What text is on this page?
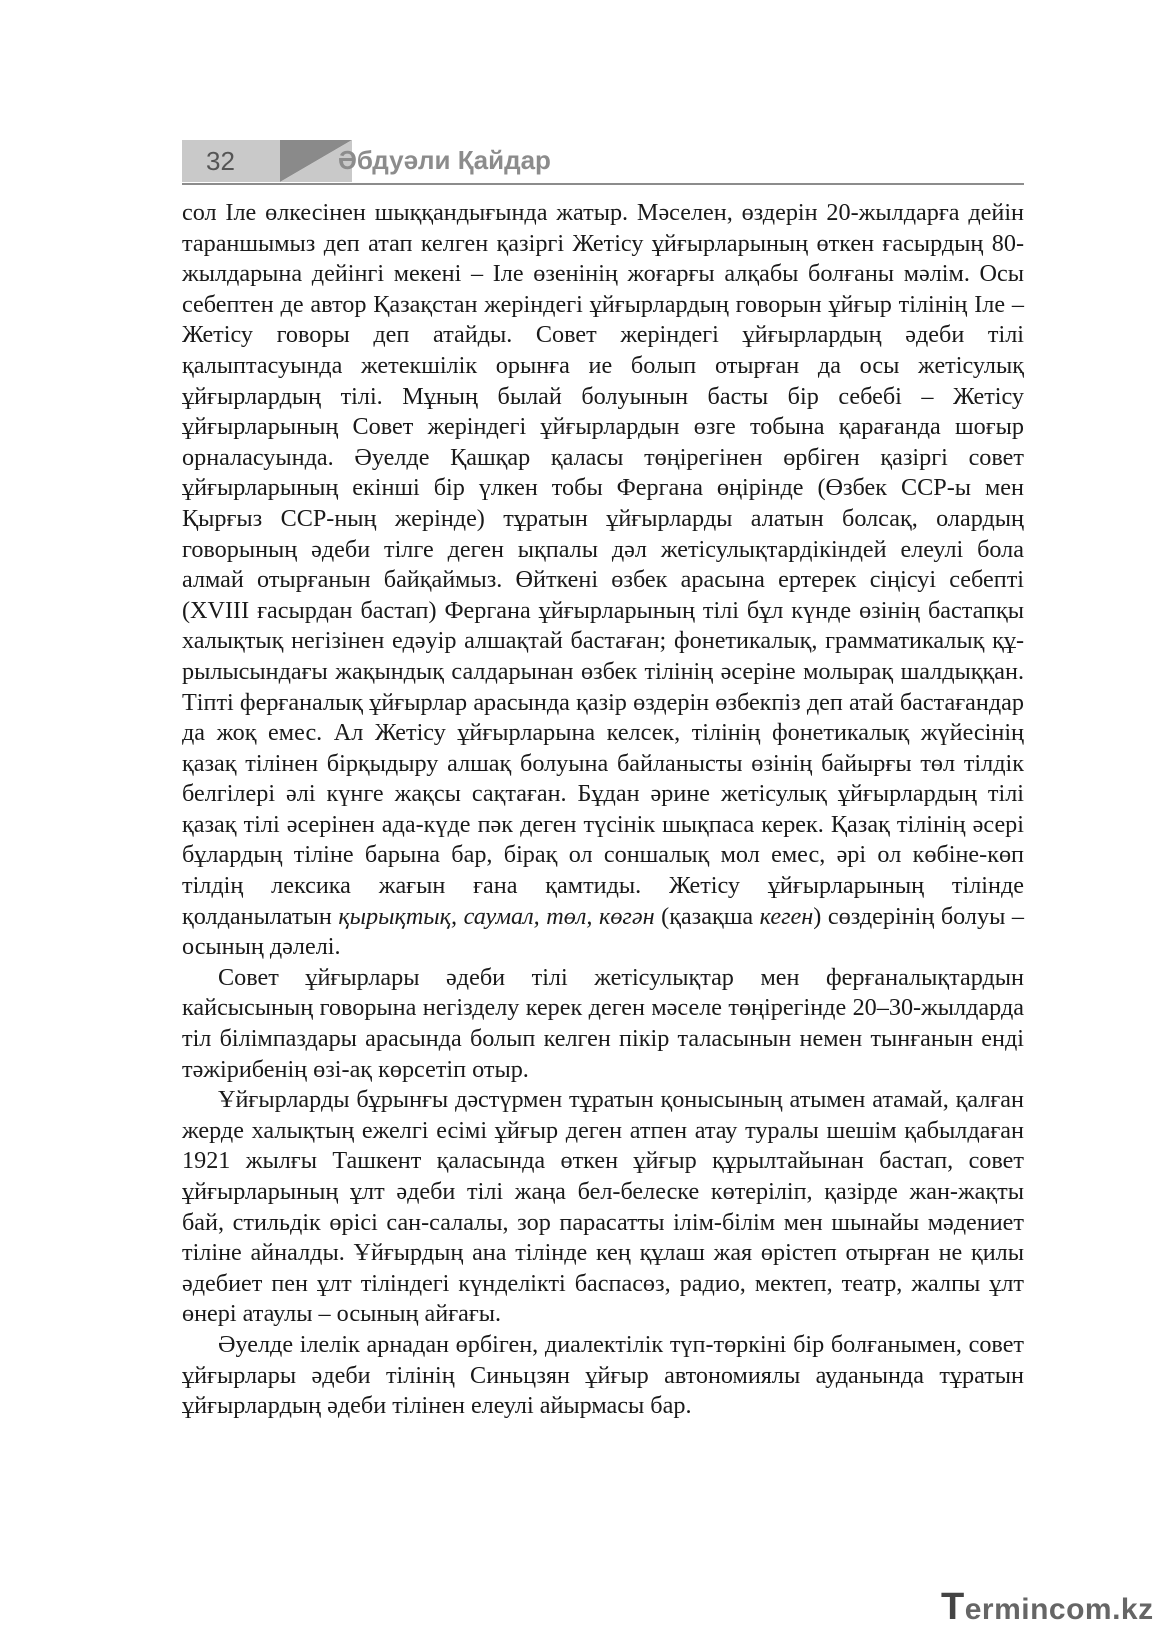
32	Әбдуәли Қайдар

сол Іле өлкесінен шыққандығында жатыр. Мәселен, өздерін 20-жылдарға дейін тараншымыз деп атап келген қазіргі Жетісу ұйғырларының өткен ғасырдың 80-жылдарына дейінгі мекені – Іле өзенінің жоғарғы алқабы болғаны мәлім. Осы себептен де автор Қазақстан жеріндегі ұйғырлардың говорын ұйғыр тілінің Іле – Жетісу говоры деп атайды. Совет жеріндегі ұйғырлардың әдеби тілі қалыптасуында жетекшілік орынға ие болып отырған да осы жетісулық ұйғырлардың тілі. Мұның былай болуынын басты бір себебі – Жетісу ұйғырларының Совет жеріндегі ұйғырлардын өзге тобына қарағанда шоғыр орналасуында. Әуелде Қашқар қаласы төңірегінен өрбіген қазіргі совет ұйғырларының екінші бір үлкен тобы Фергана өңірінде (Өзбек ССР-ы мен Қырғыз ССР-ның жерінде) тұратын ұйғырларды алатын болсақ, олардың говорының әдеби тілге деген ықпалы дәл жетісулықтардікіндей елеулі бола алмай отырғанын байқаймыз. Өйткені өзбек арасына ертерек сіңісуі себепті (XVIII ғасырдан бастап) Фергана ұйғырларының тілі бұл күнде өзінің бастапқы халықтық негізінен едәуір алшақтай бастаған; фонетикалық, грамматикалық құрылысындағы жақындық салдарынан өзбек тілінің әсеріне молырақ шалдыққан. Тіпті ферғаналық ұйғырлар арасында қазір өздерін өзбекпіз деп атай бастағандар да жоқ емес. Ал Жетісу ұйғырларына келсек, тілінің фонетикалық жүйесінің қазақ тілінен бірқыдыру алшақ болуына байланысты өзінің байырғы төл тілдік белгілері әлі күнге жақсы сақтаған. Бұдан әрине жетісулық ұйғырлардың тілі қазақ тілі әсерінен ада-күде пәк деген түсінік шықпаса керек. Қазақ тілінің әсері бұлардың тіліне барына бар, бірақ ол соншалық мол емес, әрі ол көбіне-көп тілдің лексика жағын ғана қамтиды. Жетісу ұйғырларының тілінде қолданылатын қырықтық, саумал, төл, көгән (қазақша кеген) сөздерінің болуы – осының дәлелі.

Совет ұйғырлары әдеби тілі жетісулықтар мен ферғаналықтардын кайсысының говорына негізделу керек деген мәселе төңірегінде 20–30-жылдарда тіл білімпаздары арасында болып келген пікір таласынын немен тынғанын енді тәжірибенің өзі-ақ көрсетіп отыр.

Ұйғырларды бұрынғы дәстүрмен тұратын қонысының атымен атамай, қалған жерде халықтың ежелгі есімі ұйғыр деген атпен атау туралы шешім қабылдаған 1921 жылғы Ташкент қаласында өткен ұйғыр құрылтайынан бастап, совет ұйғырларының ұлт әдеби тілі жаңа бел-белеске көтеріліп, қазірде жан-жақты бай, стильдік өрісі сан-салалы, зор парасатты ілім-білім мен шынайы мәдениет тіліне айналды. Ұйғырдың ана тілінде кең құлаш жая өрістеп отырған не қилы әдебиет пен ұлт тіліндегі күнделікті баспасөз, радио, мектеп, театр, жалпы ұлт өнері атаулы – осының айғағы.

Әуелде ілелік арнадан өрбіген, диалектілік түп-төркіні бір болғанымен, совет ұйғырлары әдеби тілінің Синьцзян ұйғыр автономиялы ауданында тұратын ұйғырлардың әдеби тілінен елеулі айырмасы бар.

Termincom.kz
